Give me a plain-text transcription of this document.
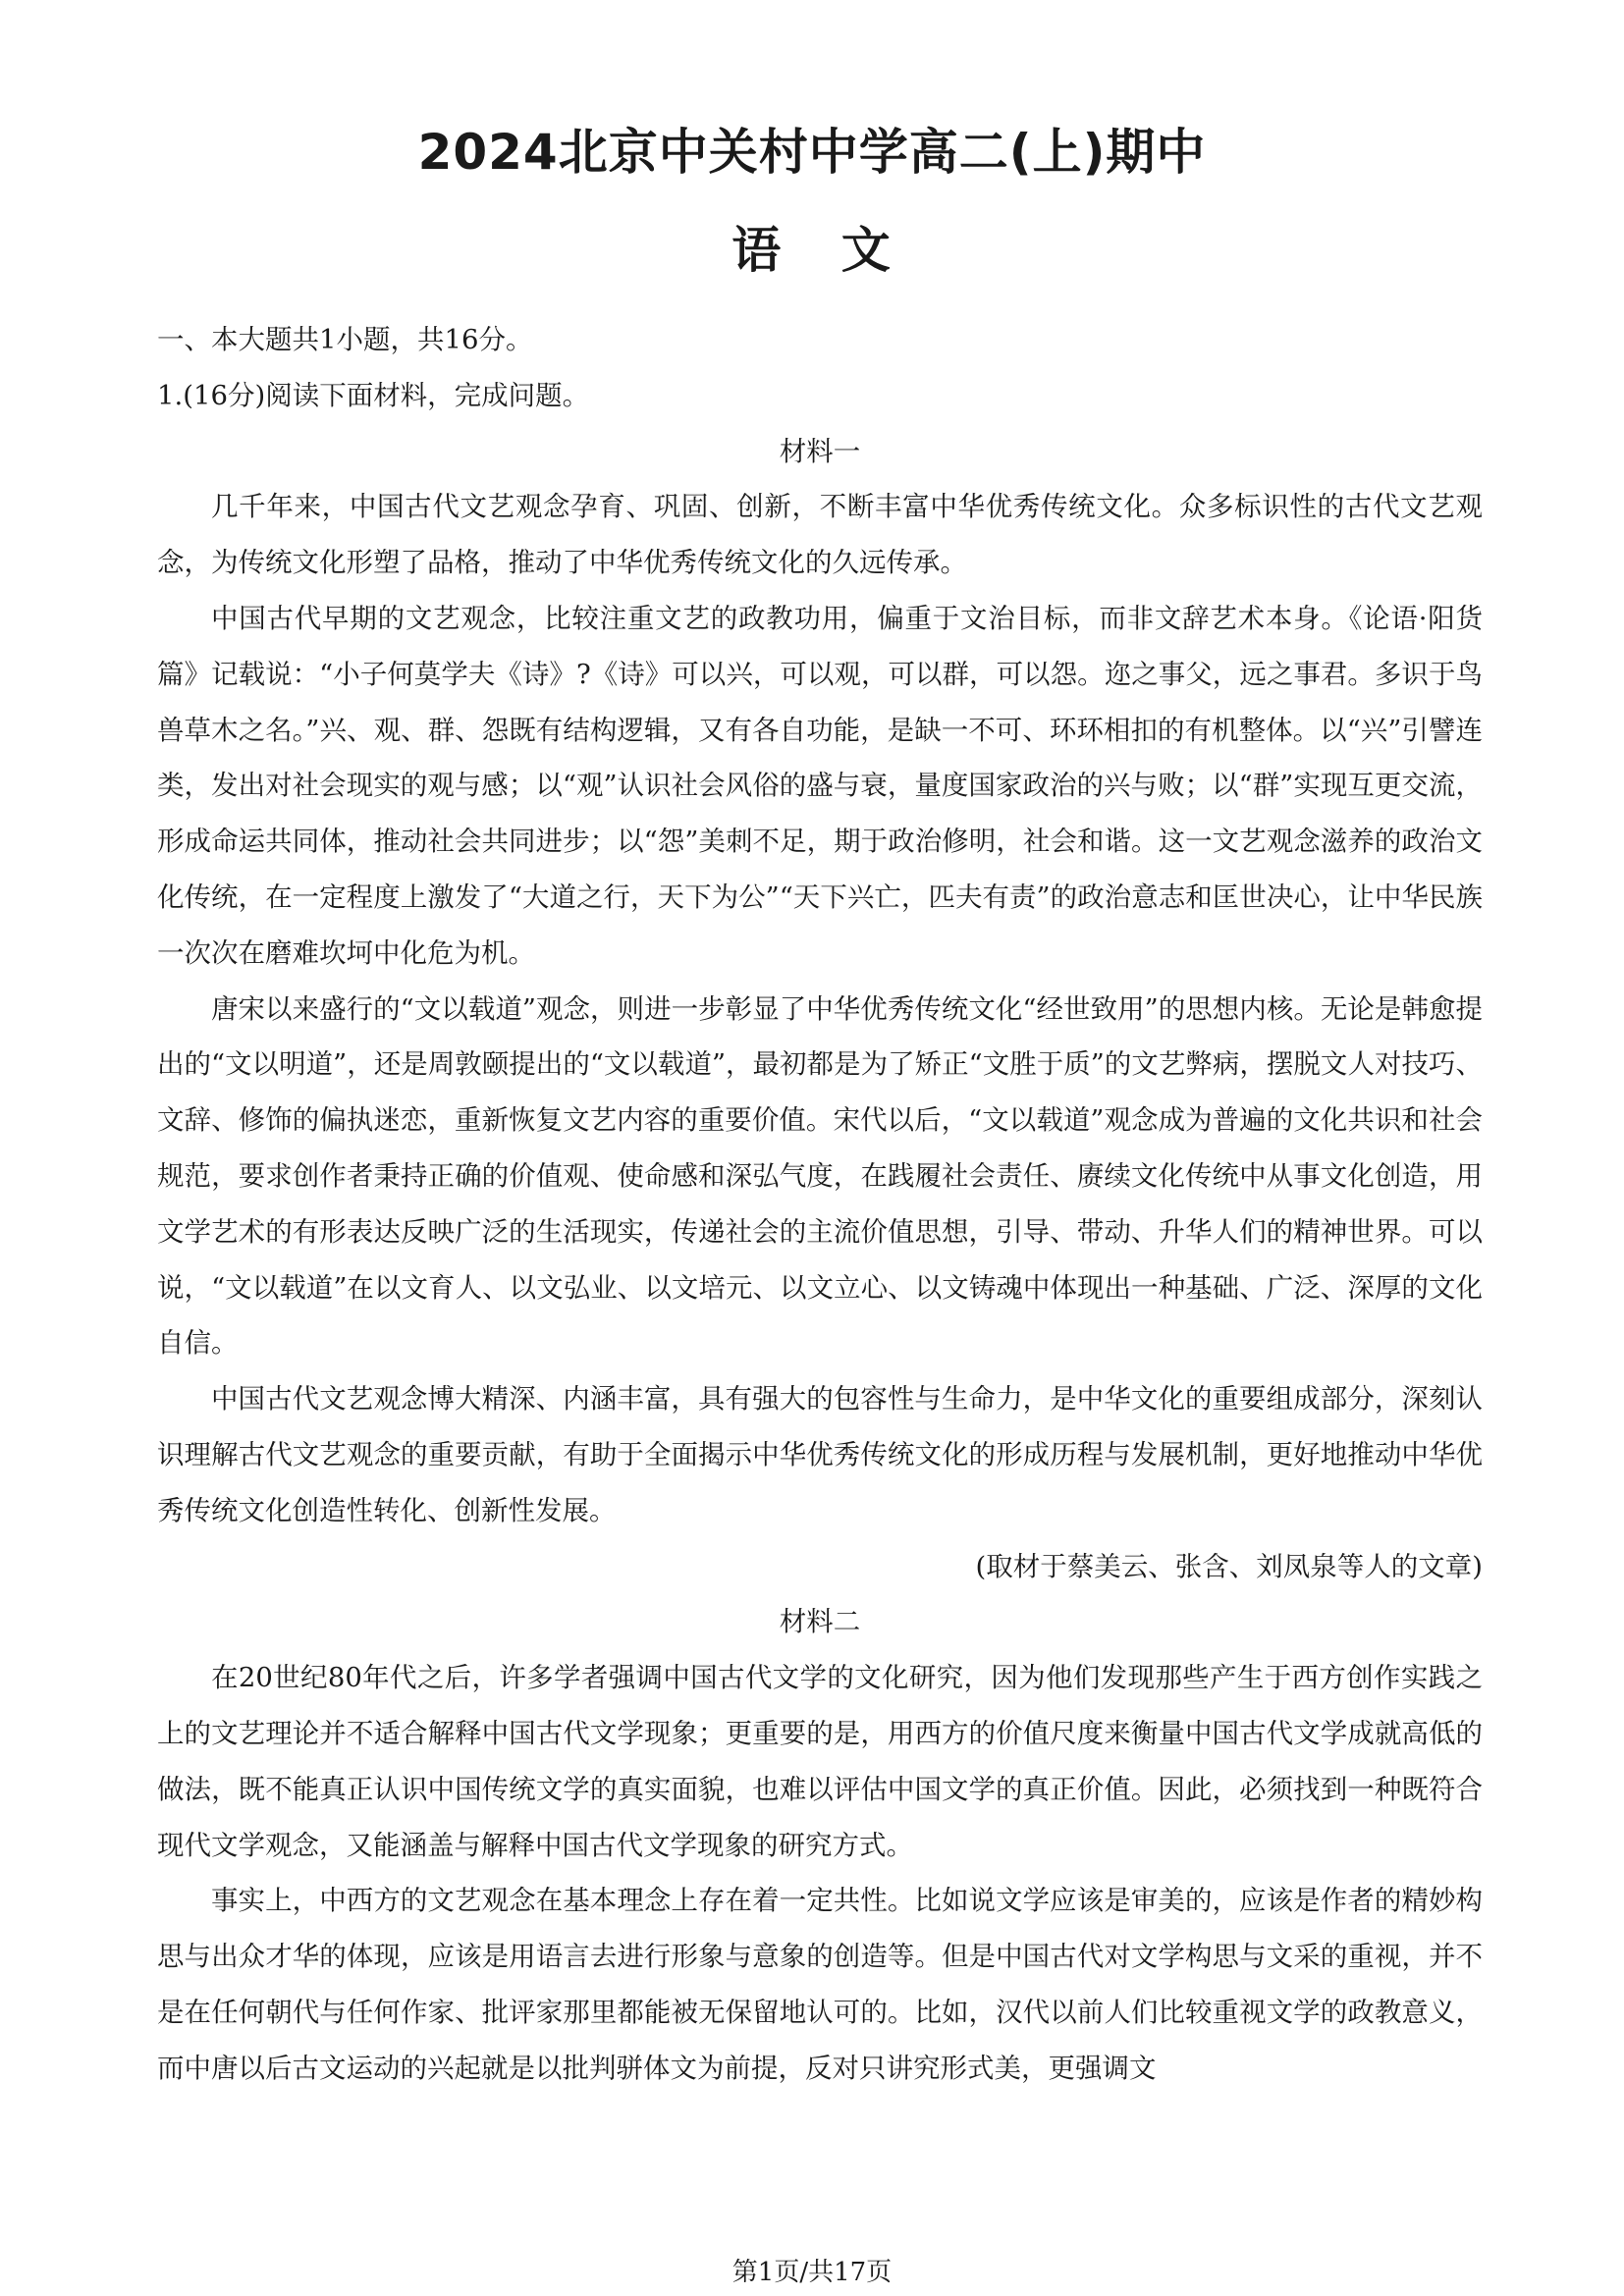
2024北京中关村中学高二(上)期中
语 文

一、本大题共1小题，共16分。

1.(16分)阅读下面材料，完成问题。

材料一

几千年来，中国古代文艺观念孕育、巩固、创新，不断丰富中华优秀传统文化。众多标识性的古代文艺观念，为传统文化形塑了品格，推动了中华优秀传统文化的久远传承。

中国古代早期的文艺观念，比较注重文艺的政教功用，偏重于文治目标，而非文辞艺术本身。《论语·阳货篇》记载说：“小子何莫学夫《诗》?《诗》可以兴，可以观，可以群，可以怨。迩之事父，远之事君。多识于鸟兽草木之名。”兴、观、群、怨既有结构逻辑，又有各自功能，是缺一不可、环环相扣的有机整体。以“兴”引譬连类，发出对社会现实的观与感；以“观”认识社会风俗的盛与衰，量度国家政治的兴与败；以“群”实现互更交流，形成命运共同体，推动社会共同进步；以“怨”美刺不足，期于政治修明，社会和谐。这一文艺观念滋养的政治文化传统，在一定程度上激发了“大道之行，天下为公”“天下兴亡，匹夫有责”的政治意志和匡世决心，让中华民族一次次在磨难坎坷中化危为机。

唐宋以来盛行的“文以载道”观念，则进一步彰显了中华优秀传统文化“经世致用”的思想内核。无论是韩愈提出的“文以明道”，还是周敦颐提出的“文以载道”，最初都是为了矫正“文胜于质”的文艺弊病，摆脱文人对技巧、文辞、修饰的偏执迷恋，重新恢复文艺内容的重要价值。宋代以后，“文以载道”观念成为普遍的文化共识和社会规范，要求创作者秉持正确的价值观、使命感和深弘气度，在践履社会责任、赓续文化传统中从事文化创造，用文学艺术的有形表达反映广泛的生活现实，传递社会的主流价值思想，引导、带动、升华人们的精神世界。可以说，“文以载道”在以文育人、以文弘业、以文培元、以文立心、以文铸魂中体现出一种基础、广泛、深厚的文化自信。

中国古代文艺观念博大精深、内涵丰富，具有强大的包容性与生命力，是中华文化的重要组成部分，深刻认识理解古代文艺观念的重要贡献，有助于全面揭示中华优秀传统文化的形成历程与发展机制，更好地推动中华优秀传统文化创造性转化、创新性发展。

(取材于蔡美云、张含、刘凤泉等人的文章)

材料二

在20世纪80年代之后，许多学者强调中国古代文学的文化研究，因为他们发现那些产生于西方创作实践之上的文艺理论并不适合解释中国古代文学现象；更重要的是，用西方的价值尺度来衡量中国古代文学成就高低的做法，既不能真正认识中国传统文学的真实面貌，也难以评估中国文学的真正价值。因此，必须找到一种既符合现代文学观念，又能涵盖与解释中国古代文学现象的研究方式。

事实上，中西方的文艺观念在基本理念上存在着一定共性。比如说文学应该是审美的，应该是作者的精妙构思与出众才华的体现，应该是用语言去进行形象与意象的创造等。但是中国古代对文学构思与文采的重视，并不是在任何朝代与任何作家、批评家那里都能被无保留地认可的。比如，汉代以前人们比较重视文学的政教意义，而中唐以后古文运动的兴起就是以批判骈体文为前提，反对只讲究形式美，更强调文

第1页/共17页
